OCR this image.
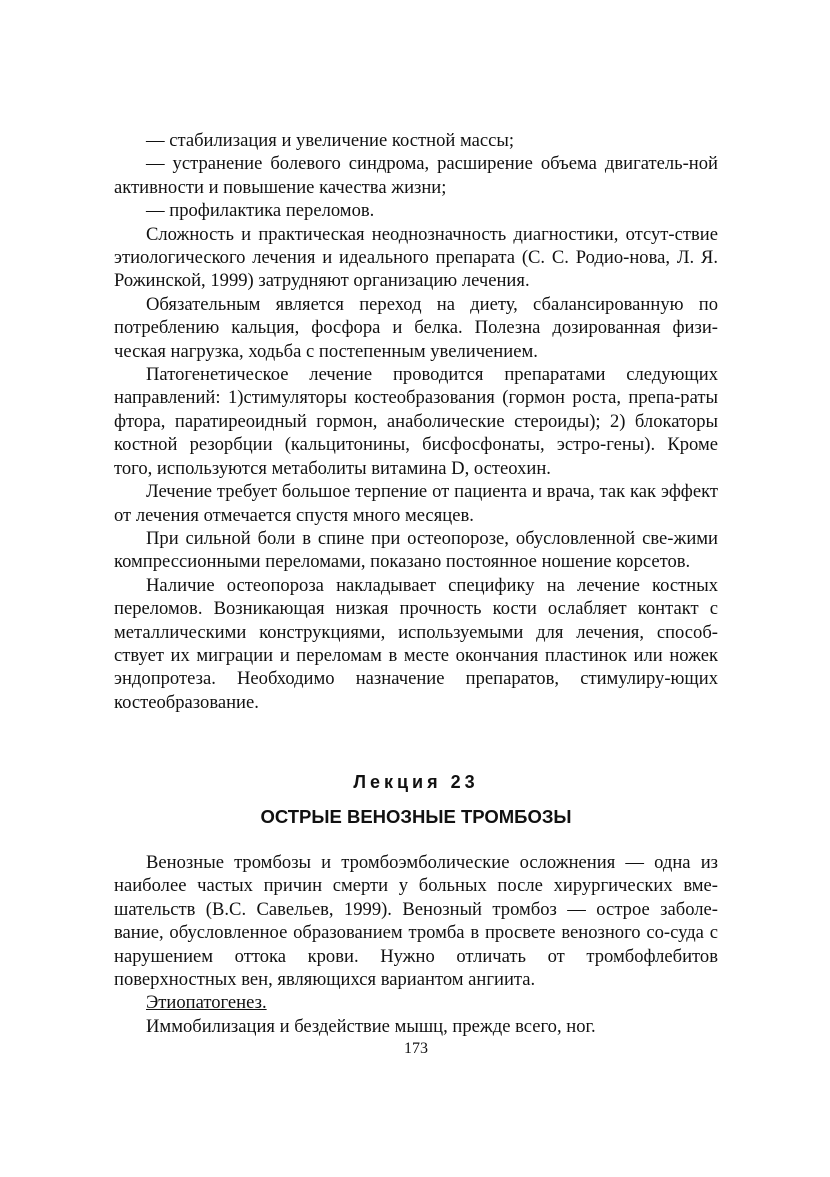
— стабилизация и увеличение костной массы;

— устранение болевого синдрома, расширение объема двигатель-ной активности и повышение качества жизни;

— профилактика переломов.

Сложность и практическая неоднозначность диагностики, отсут-ствие этиологического лечения и идеального препарата (С. С. Родио-нова, Л. Я. Рожинской, 1999) затрудняют организацию лечения.

Обязательным является переход на диету, сбалансированную по потреблению кальция, фосфора и белка. Полезна дозированная физи-ческая нагрузка, ходьба с постепенным увеличением.

Патогенетическое лечение проводится препаратами следующих направлений: 1)стимуляторы костеобразования (гормон роста, препа-раты фтора, паратиреоидный гормон, анаболические стероиды); 2) блокаторы костной резорбции (кальцитонины, бисфосфонаты, эстро-гены). Кроме того, используются метаболиты витамина D, остеохин.

Лечение требует большое терпение от пациента и врача, так как эффект от лечения отмечается спустя много месяцев.

При сильной боли в спине при остеопорозе, обусловленной све-жими компрессионными переломами, показано постоянное ношение корсетов.

Наличие остеопороза накладывает специфику на лечение костных переломов. Возникающая низкая прочность кости ослабляет контакт с металлическими конструкциями, используемыми для лечения, способ-ствует их миграции и переломам в месте окончания пластинок или ножек эндопротеза. Необходимо назначение препаратов, стимулиру-ющих костеобразование.

Лекция 23
ОСТРЫЕ ВЕНОЗНЫЕ ТРОМБОЗЫ

Венозные тромбозы и тромбоэмболические осложнения — одна из наиболее частых причин смерти у больных после хирургических вме-шательств (В.С. Савельев, 1999). Венозный тромбоз — острое заболе-вание, обусловленное образованием тромба в просвете венозного со-суда с нарушением оттока крови. Нужно отличать от тромбофлебитов поверхностных вен, являющихся вариантом ангиита.

Этиопатогенез.

Иммобилизация и бездействие мышц, прежде всего, ног.

173
